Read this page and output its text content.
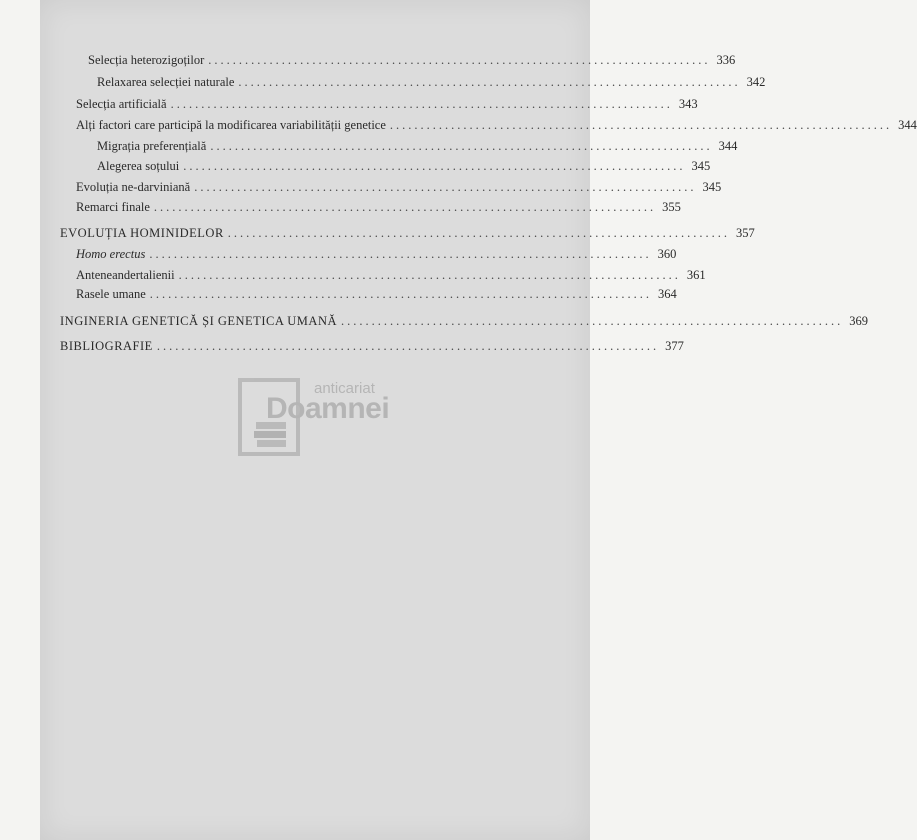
Selecția heterozigoților .................................................................................. 336
Relaxarea selecției naturale .................................................................................. 342
Selecția artificială .................................................................................. 343
Alți factori care participă la modificarea variabilității genetice .................................................................................. 344
Migrația preferențială .................................................................................. 344
Alegerea soțului .................................................................................. 345
Evoluția ne-darviniană .................................................................................. 345
Remarci finale .................................................................................. 355
EVOLUȚIA HOMINIDELOR .................................................................................. 357
Homo erectus .................................................................................. 360
Anteneandertalienii .................................................................................. 361
Rasele umane .................................................................................. 364
INGINERIA GENETICĂ ȘI GENETICA UMANĂ .................................................................................. 369
BIBLIOGRAFIE .................................................................................. 377
anticariat
Doamnei
